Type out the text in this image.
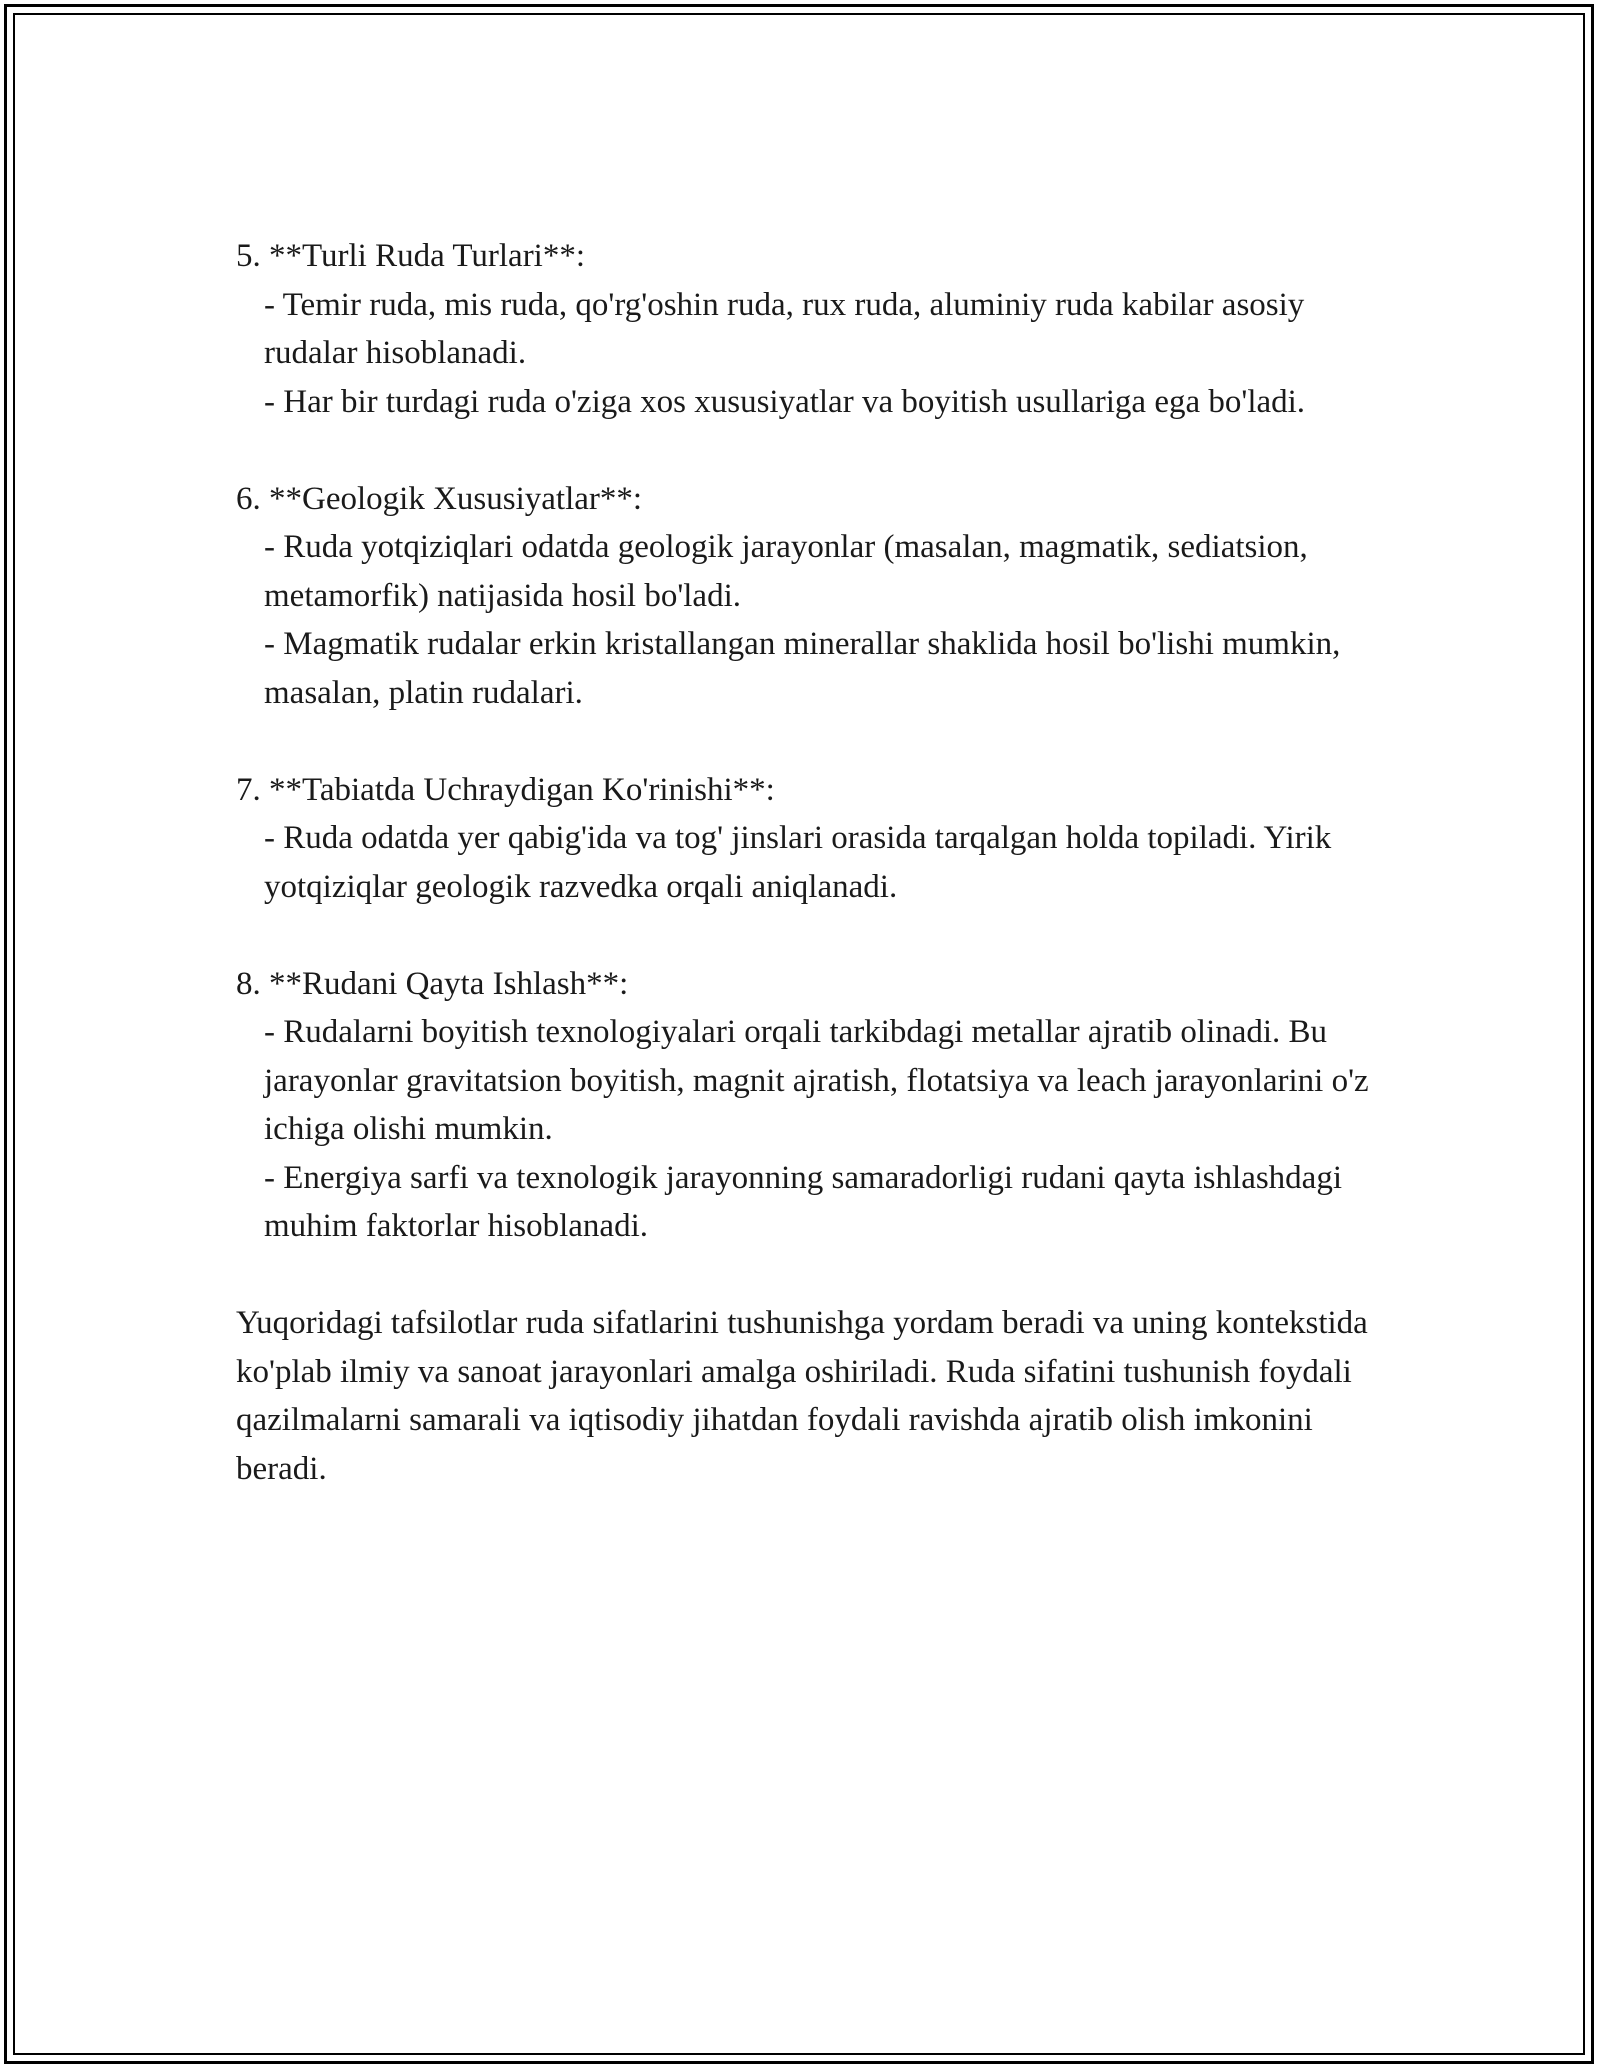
5. **Turli Ruda Turlari**:

- Temir ruda, mis ruda, qo'rg'oshin ruda, rux ruda, aluminiy ruda kabilar asosiy rudalar hisoblanadi.

- Har bir turdagi ruda o'ziga xos xususiyatlar va boyitish usullariga ega bo'ladi.

6. **Geologik Xususiyatlar**:

- Ruda yotqiziqlari odatda geologik jarayonlar (masalan, magmatik, sediatsion, metamorfik) natijasida hosil bo'ladi.

- Magmatik rudalar erkin kristallangan minerallar shaklida hosil bo'lishi mumkin, masalan, platin rudalari.

7. **Tabiatda Uchraydigan Ko'rinishi**:

- Ruda odatda yer qabig'ida va tog' jinslari orasida tarqalgan holda topiladi. Yirik yotqiziqlar geologik razvedka orqali aniqlanadi.

8. **Rudani Qayta Ishlash**:

- Rudalarni boyitish texnologiyalari orqali tarkibdagi metallar ajratib olinadi. Bu jarayonlar gravitatsion boyitish, magnit ajratish, flotatsiya va leach jarayonlarini o'z ichiga olishi mumkin.

- Energiya sarfi va texnologik jarayonning samaradorligi rudani qayta ishlashdagi muhim faktorlar hisoblanadi.

Yuqoridagi tafsilotlar ruda sifatlarini tushunishga yordam beradi va uning kontekstida ko'plab ilmiy va sanoat jarayonlari amalga oshiriladi. Ruda sifatini tushunish foydali qazilmalarni samarali va iqtisodiy jihatdan foydali ravishda ajratib olish imkonini beradi.
